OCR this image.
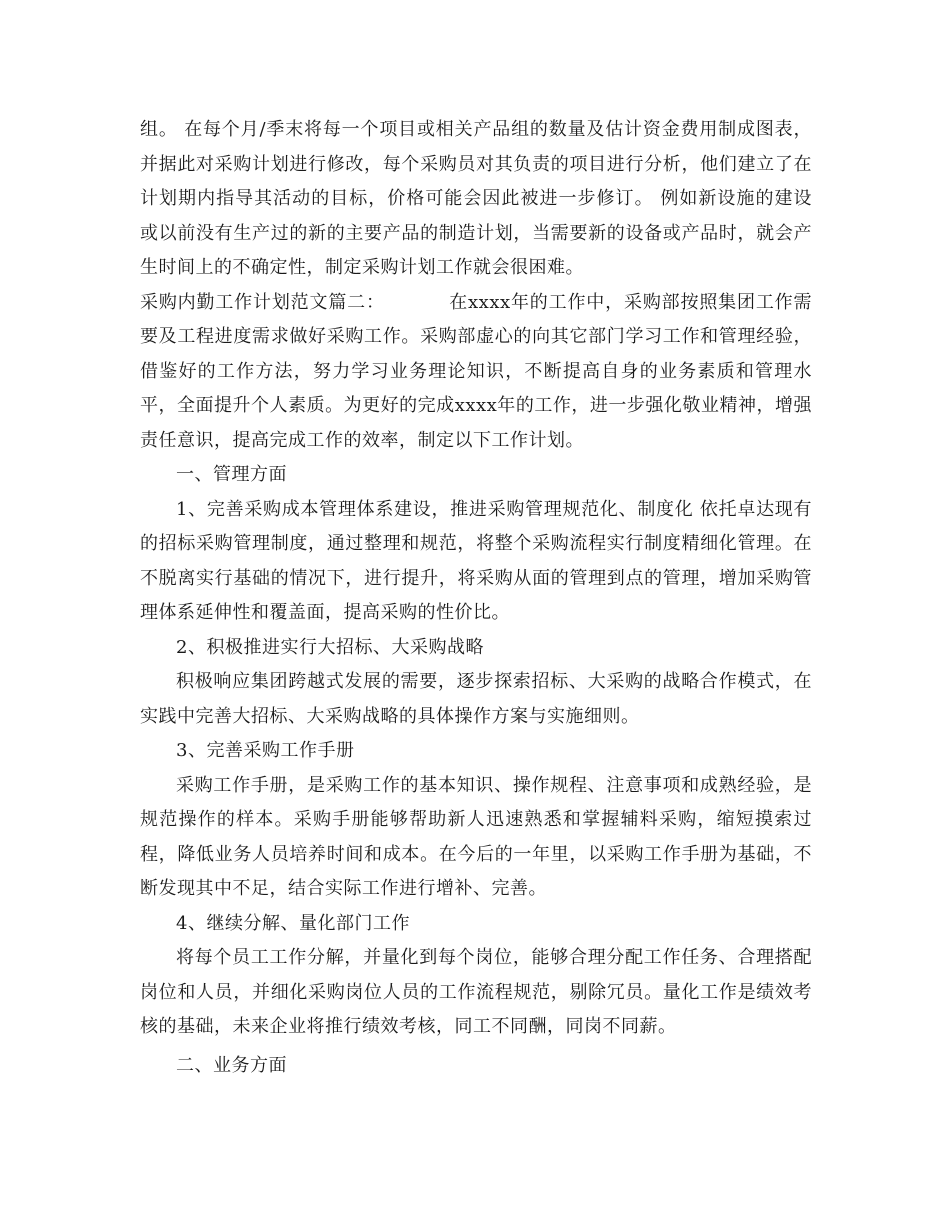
组。 在每个月/季末将每一个项目或相关产品组的数量及估计资金费用制成图表，并据此对采购计划进行修改，每个采购员对其负责的项目进行分析，他们建立了在计划期内指导其活动的目标，价格可能会因此被进一步修订。 例如新设施的建设或以前没有生产过的新的主要产品的制造计划，当需要新的设备或产品时，就会产生时间上的不确定性，制定采购计划工作就会很困难。

采购内勤工作计划范文篇二：	在xxxx年的工作中，采购部按照集团工作需要及工程进度需求做好采购工作。采购部虚心的向其它部门学习工作和管理经验，借鉴好的工作方法，努力学习业务理论知识，不断提高自身的业务素质和管理水平，全面提升个人素质。为更好的完成xxxx年的工作，进一步强化敬业精神，增强责任意识，提高完成工作的效率，制定以下工作计划。

一、管理方面

1、完善采购成本管理体系建设，推进采购管理规范化、制度化 依托卓达现有的招标采购管理制度，通过整理和规范，将整个采购流程实行制度精细化管理。在不脱离实行基础的情况下，进行提升，将采购从面的管理到点的管理，增加采购管理体系延伸性和覆盖面，提高采购的性价比。

2、积极推进实行大招标、大采购战略

积极响应集团跨越式发展的需要，逐步探索招标、大采购的战略合作模式，在实践中完善大招标、大采购战略的具体操作方案与实施细则。

3、完善采购工作手册

采购工作手册，是采购工作的基本知识、操作规程、注意事项和成熟经验，是规范操作的样本。采购手册能够帮助新人迅速熟悉和掌握辅料采购，缩短摸索过程，降低业务人员培养时间和成本。在今后的一年里，以采购工作手册为基础，不断发现其中不足，结合实际工作进行增补、完善。

4、继续分解、量化部门工作

将每个员工工作分解，并量化到每个岗位，能够合理分配工作任务、合理搭配岗位和人员，并细化采购岗位人员的工作流程规范，剔除冗员。量化工作是绩效考核的基础，未来企业将推行绩效考核，同工不同酬，同岗不同薪。

二、业务方面
